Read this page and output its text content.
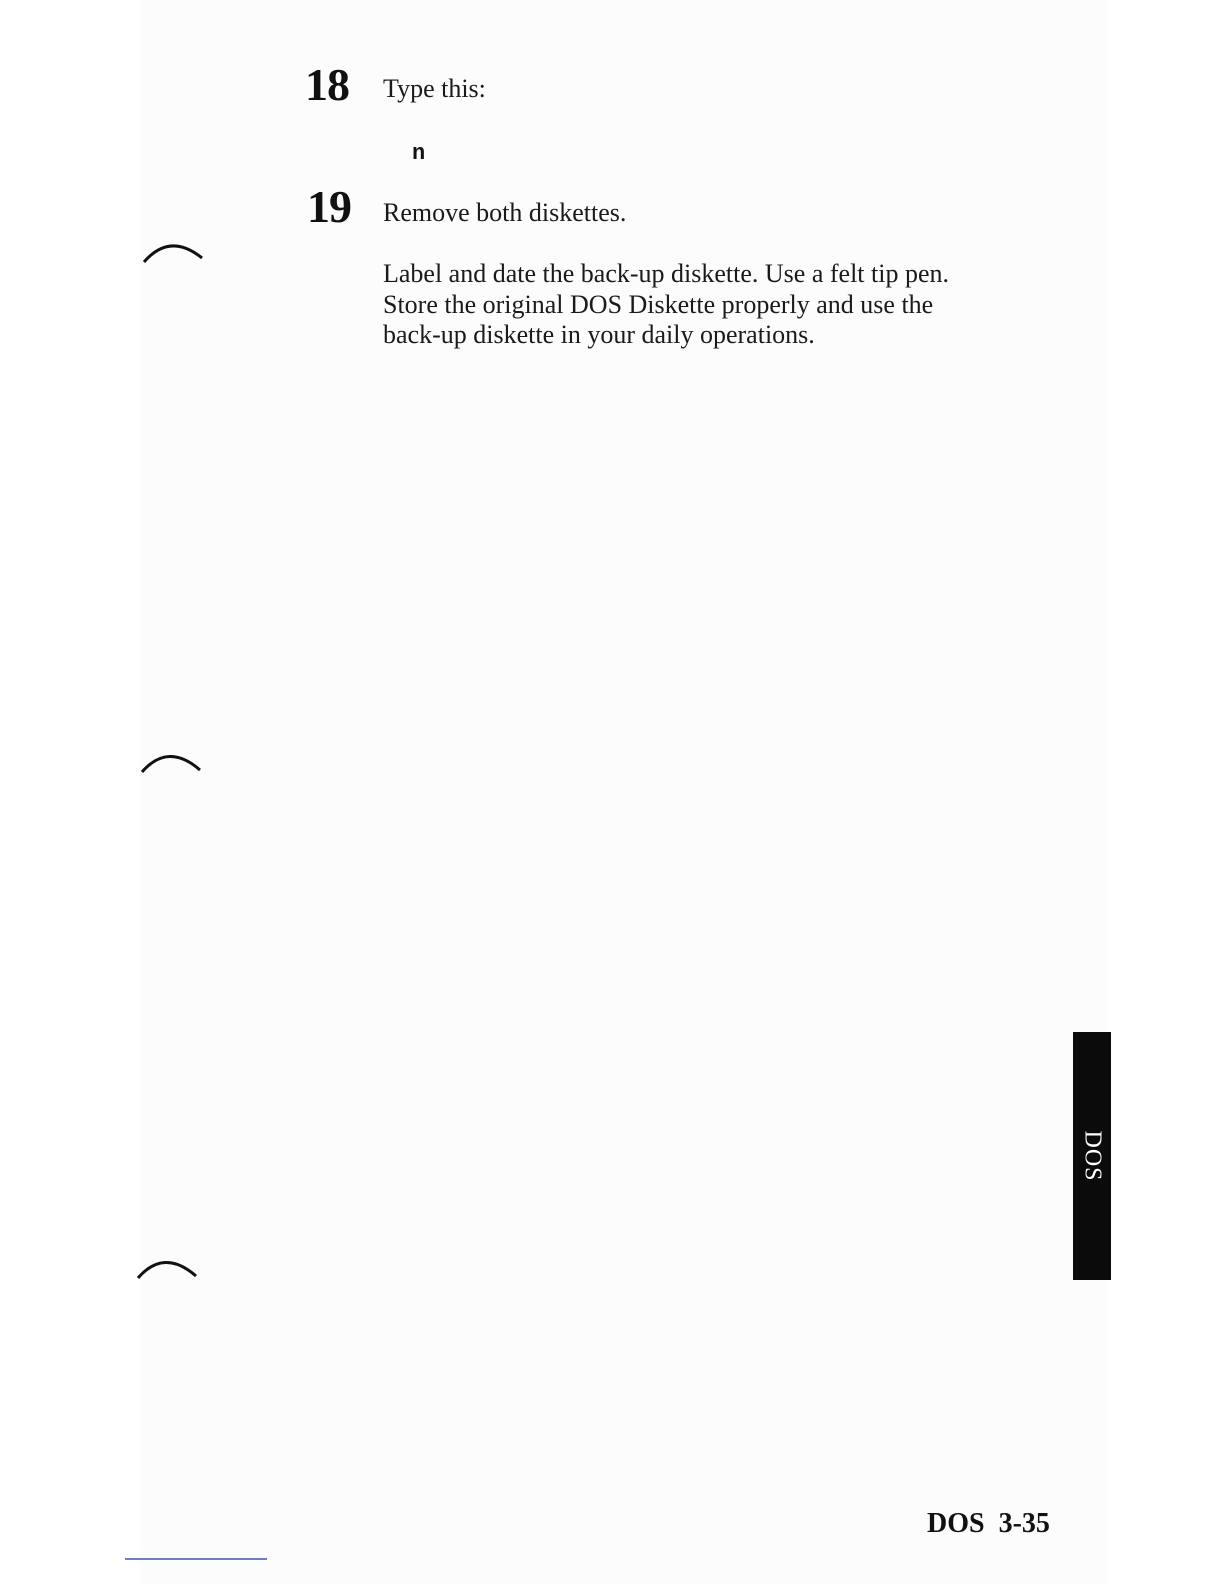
18 Type this:
n
19 Remove both diskettes.
Label and date the back-up diskette. Use a felt tip pen.
Store the original DOS Diskette properly and use the
back-up diskette in your daily operations.
DOS
DOS 3-35
